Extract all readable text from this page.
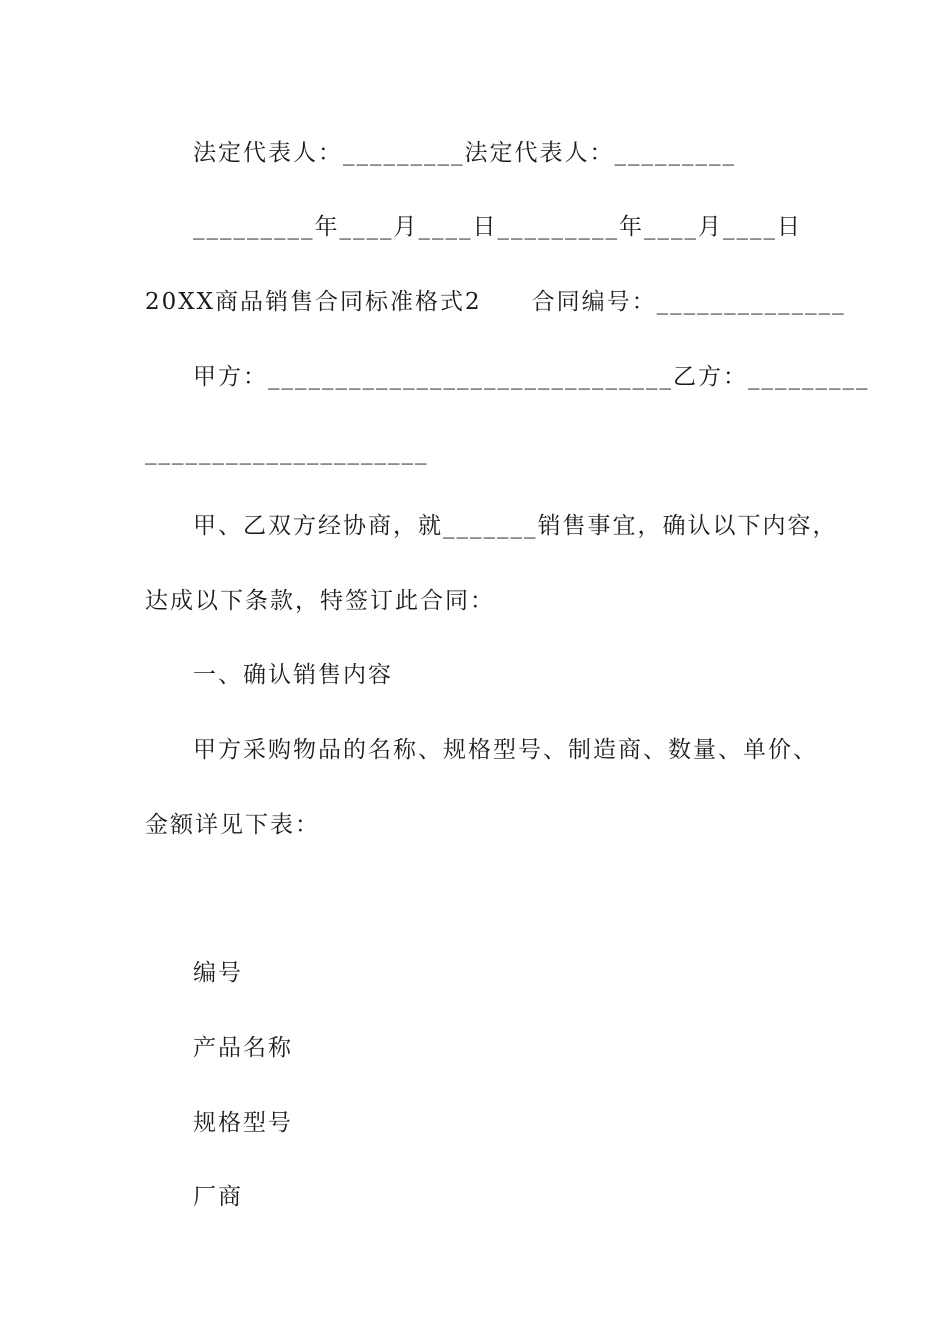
法定代表人：_________法定代表人：_________
_________年____月____日_________年____月____日
20XX商品销售合同标准格式2　　合同编号：______________
甲方：______________________________乙方：_________
_____________________
甲、乙双方经协商，就_______销售事宜，确认以下内容，
达成以下条款，特签订此合同：
一、确认销售内容
甲方采购物品的名称、规格型号、制造商、数量、单价、
金额详见下表：
编号
产品名称
规格型号
厂商
